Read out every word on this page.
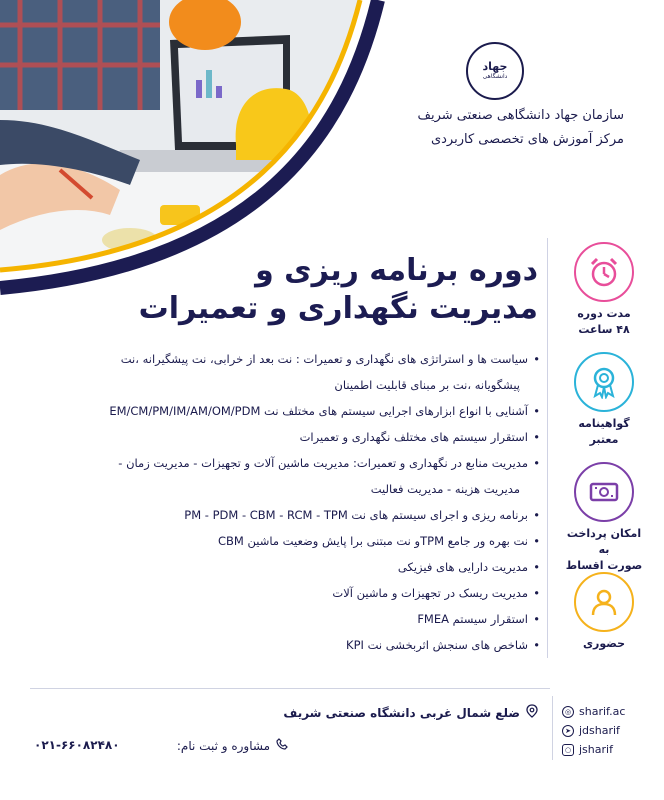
جهاد
دانشگاهی
سازمان جهاد دانشگاهی صنعتی شریف
مرکز آموزش های تخصصی کاربردی
دوره برنامه ریزی و
مدیریت نگهداری و تعمیرات
• سیاست ها و استراتژی های نگهداری و تعمیرات : نت بعد از خرابی، نت پیشگیرانه ،نت
پیشگویانه ،نت بر مبنای قابلیت اطمینان
• آشنایی با انواع ابزارهای اجرایی سیستم های مختلف نت EM/CM/PM/IM/AM/OM/PDM
• استقرار سیستم های مختلف نگهداری و تعمیرات
• مدیریت منابع در نگهداری و تعمیرات: مدیریت ماشین آلات و تجهیزات - مدیریت زمان -
مدیریت هزینه - مدیریت فعالیت
• برنامه ریزی و اجرای سیستم های نت PM - PDM - CBM - RCM - TPM
• نت بهره ور جامع TPMو نت مبتنی برا پایش وضعیت ماشین CBM
• مدیریت دارایی های فیزیکی
• مدیریت ریسک در تجهیزات و ماشین آلات
• استقرار سیستم FMEA
• شاخص های سنجش اثربخشی نت KPI
مدت دوره
۴۸ ساعت
گواهینامه
معتبر
امکان پرداخت به
صورت اقساط
حضوری
ضلع شمال غربی دانشگاه صنعتی شریف
مشاوره و ثبت نام:
۰۲۱-۶۶۰۸۲۴۸۰
◎ sharif.ac
➤ jdsharif
○ jsharif
